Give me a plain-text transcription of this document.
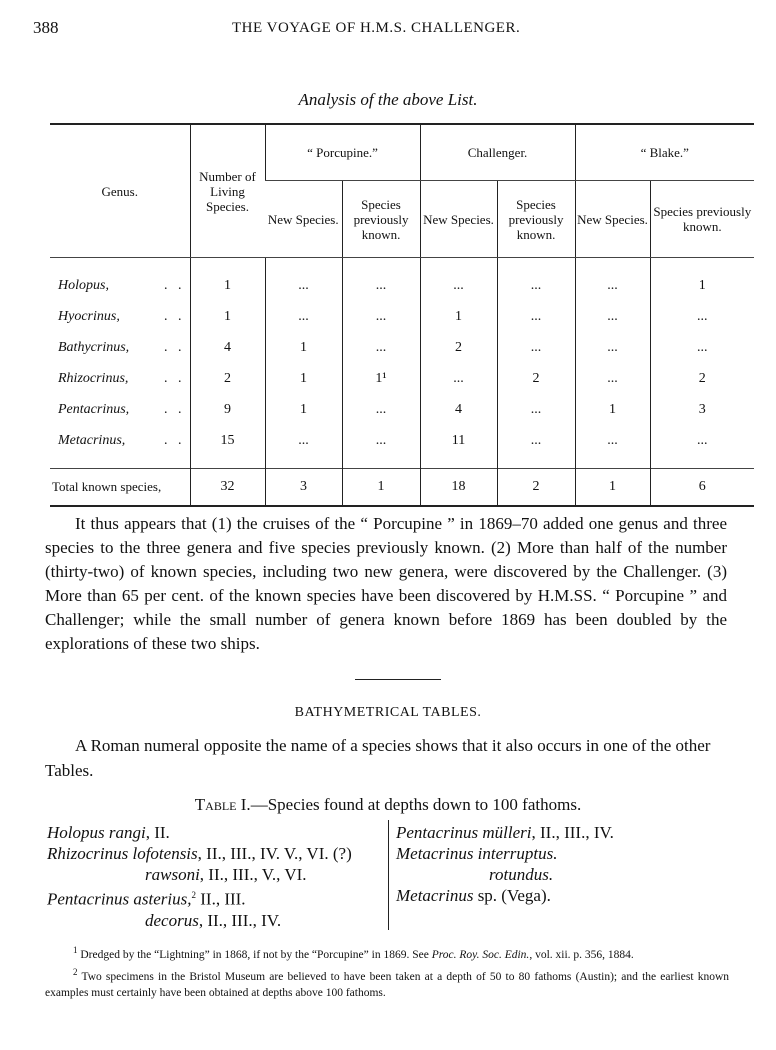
388	THE VOYAGE OF H.M.S. CHALLENGER.
Analysis of the above List.
Genus.	Number of Living Species.	“ Porcupine.”		Challenger.		“ Blake.”	
		New Species.	Species previously known.	New Species.	Species previously known.	New Species.	Species previously known.
Holopus, .   .	1	...	...	...	...	...	1
Hyocrinus, .   .	1	...	...	1	...	...	...
Bathycrinus, .   .	4	1	...	2	...	...	...
Rhizocrinus, .   .	2	1	1¹	...	2	...	2
Pentacrinus, .   .	9	1	...	4	...	1	3
Metacrinus, .   .	15	...	...	11	...	...	...
Total known species,	32	3	1	18	2	1	6
It thus appears that (1) the cruises of the “ Porcupine ” in 1869–70 added one genus and three species to the three genera and five species previously known. (2) More than half of the number (thirty-two) of known species, including two new genera, were discovered by the Challenger. (3) More than 65 per cent. of the known species have been discovered by H.M.SS. “ Porcupine ” and Challenger; while the small number of genera known before 1869 has been doubled by the explorations of these two ships.
BATHYMETRICAL TABLES.
A Roman numeral opposite the name of a species shows that it also occurs in one of the other Tables.
Table I.—Species found at depths down to 100 fathoms.
Holopus rangi, II.
Rhizocrinus lofotensis, II., III., IV. V., VI. (?)
rawsoni, II., III., V., VI.
Pentacrinus asterius,$^2$ II., III.
decorus, II., III., IV.
Pentacrinus mülleri, II., III., IV.
Metacrinus interruptus.
rotundus.
Metacrinus sp. (Vega).

$^1$ Dredged by the “Lightning” in 1868, if not by the “Porcupine” in 1869. See Proc. Roy. Soc. Edin., vol. xii. p. 356, 1884.

$^2$ Two specimens in the Bristol Museum are believed to have been taken at a depth of 50 to 80 fathoms (Austin); and the earliest known examples must certainly have been obtained at depths above 100 fathoms.
